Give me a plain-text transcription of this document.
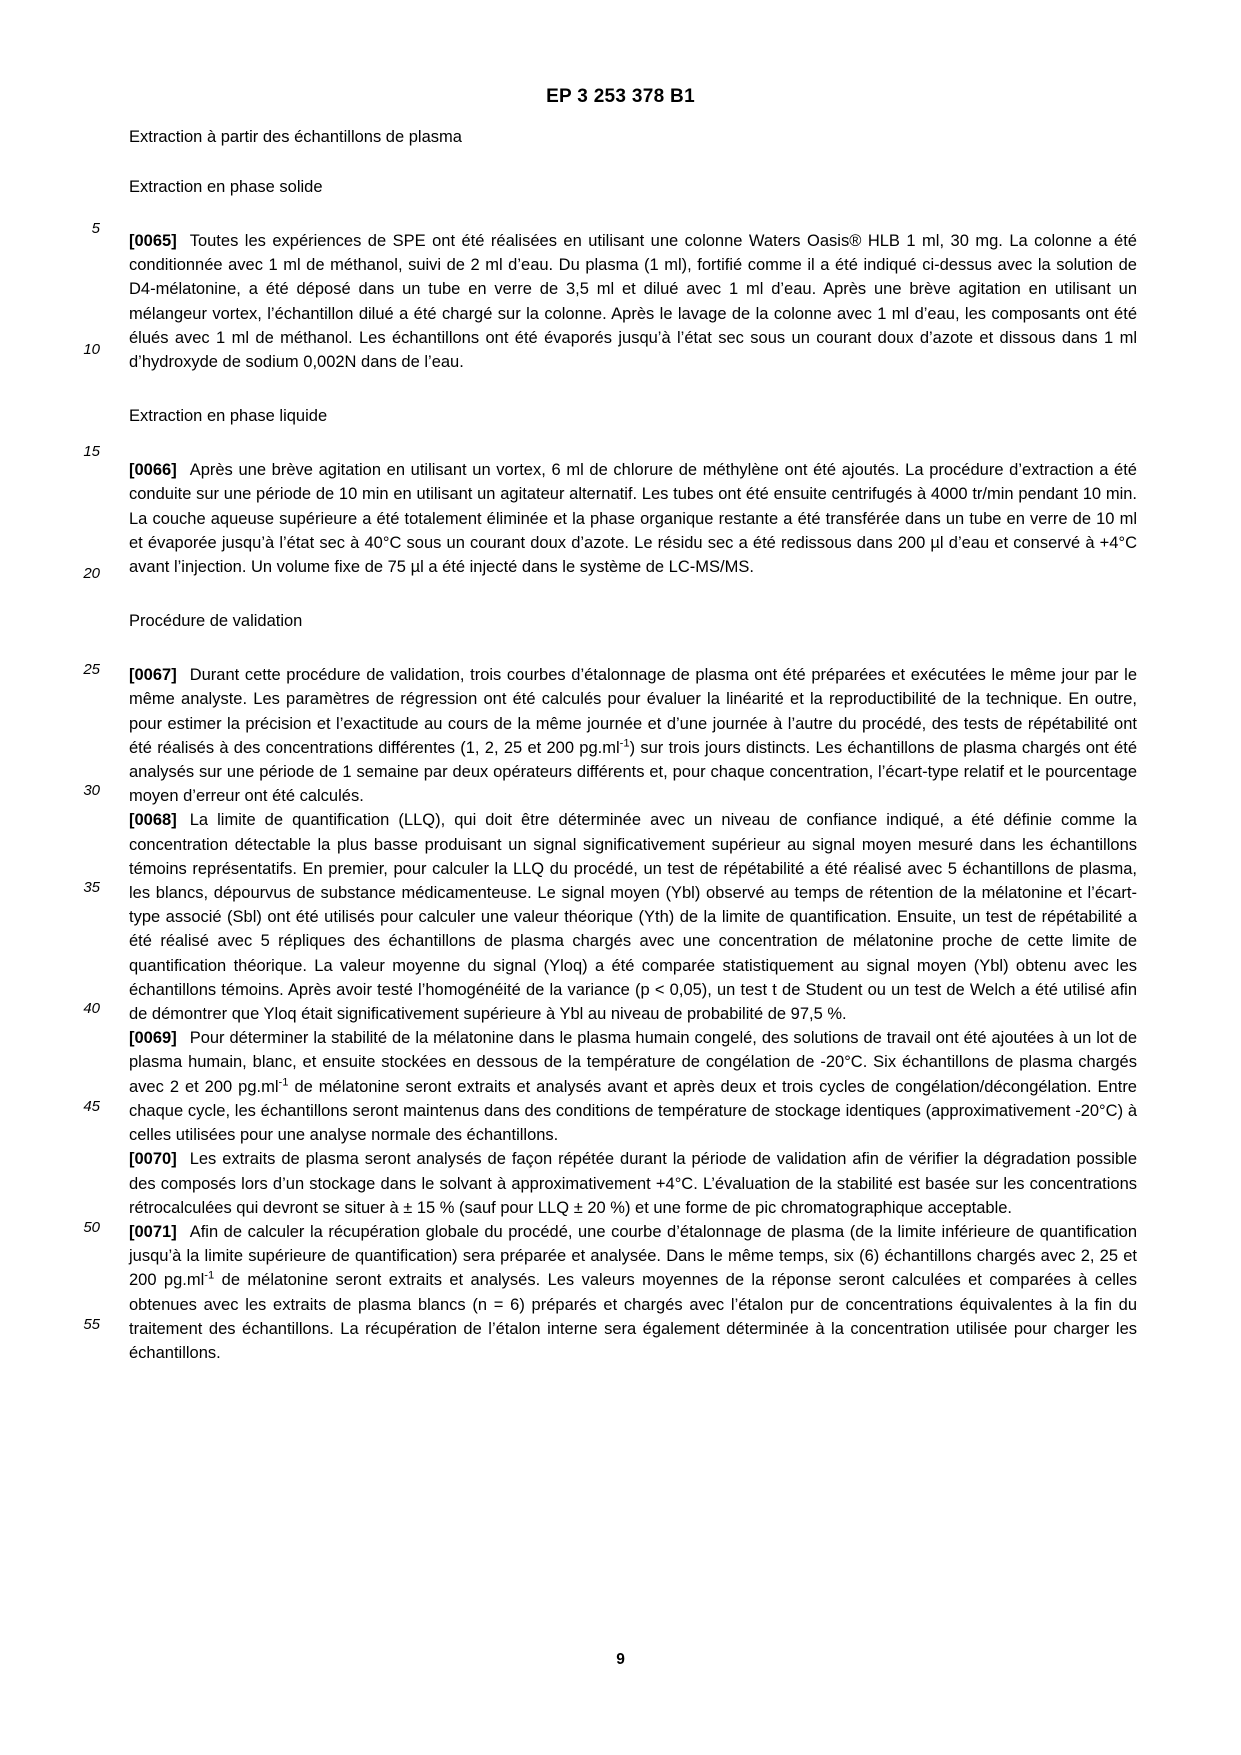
EP 3 253 378 B1
5
10
15
20
25
30
35
40
45
50
55
Extraction à partir des échantillons de plasma
Extraction en phase solide

[0065] Toutes les expériences de SPE ont été réalisées en utilisant une colonne Waters Oasis® HLB 1 ml, 30 mg. La colonne a été conditionnée avec 1 ml de méthanol, suivi de 2 ml d’eau. Du plasma (1 ml), fortifié comme il a été indiqué ci-dessus avec la solution de D4-mélatonine, a été déposé dans un tube en verre de 3,5 ml et dilué avec 1 ml d’eau. Après une brève agitation en utilisant un mélangeur vortex, l’échantillon dilué a été chargé sur la colonne. Après le lavage de la colonne avec 1 ml d’eau, les composants ont été élués avec 1 ml de méthanol. Les échantillons ont été évaporés jusqu’à l’état sec sous un courant doux d’azote et dissous dans 1 ml d’hydroxyde de sodium 0,002N dans de l’eau.

Extraction en phase liquide

[0066] Après une brève agitation en utilisant un vortex, 6 ml de chlorure de méthylène ont été ajoutés. La procédure d’extraction a été conduite sur une période de 10 min en utilisant un agitateur alternatif. Les tubes ont été ensuite centrifugés à 4000 tr/min pendant 10 min. La couche aqueuse supérieure a été totalement éliminée et la phase organique restante a été transférée dans un tube en verre de 10 ml et évaporée jusqu’à l’état sec à 40°C sous un courant doux d’azote. Le résidu sec a été redissous dans 200 µl d’eau et conservé à +4°C avant l’injection. Un volume fixe de 75 µl a été injecté dans le système de LC-MS/MS.

Procédure de validation

[0067] Durant cette procédure de validation, trois courbes d’étalonnage de plasma ont été préparées et exécutées le même jour par le même analyste. Les paramètres de régression ont été calculés pour évaluer la linéarité et la reproductibilité de la technique. En outre, pour estimer la précision et l’exactitude au cours de la même journée et d’une journée à l’autre du procédé, des tests de répétabilité ont été réalisés à des concentrations différentes (1, 2, 25 et 200 $pg.ml^{-1}$) sur trois jours distincts. Les échantillons de plasma chargés ont été analysés sur une période de 1 semaine par deux opérateurs différents et, pour chaque concentration, l’écart-type relatif et le pourcentage moyen d’erreur ont été calculés.

[0068] La limite de quantification (LLQ), qui doit être déterminée avec un niveau de confiance indiqué, a été définie comme la concentration détectable la plus basse produisant un signal significativement supérieur au signal moyen mesuré dans les échantillons témoins représentatifs. En premier, pour calculer la LLQ du procédé, un test de répétabilité a été réalisé avec 5 échantillons de plasma, les blancs, dépourvus de substance médicamenteuse. Le signal moyen (Ybl) observé au temps de rétention de la mélatonine et l’écart-type associé (Sbl) ont été utilisés pour calculer une valeur théorique (Yth) de la limite de quantification. Ensuite, un test de répétabilité a été réalisé avec 5 répliques des échantillons de plasma chargés avec une concentration de mélatonine proche de cette limite de quantification théorique. La valeur moyenne du signal (Yloq) a été comparée statistiquement au signal moyen (Ybl) obtenu avec les échantillons témoins. Après avoir testé l’homogénéité de la variance (p < 0,05), un test t de Student ou un test de Welch a été utilisé afin de démontrer que Yloq était significativement supérieure à Ybl au niveau de probabilité de 97,5 %.

[0069] Pour déterminer la stabilité de la mélatonine dans le plasma humain congelé, des solutions de travail ont été ajoutées à un lot de plasma humain, blanc, et ensuite stockées en dessous de la température de congélation de -20°C. Six échantillons de plasma chargés avec 2 et 200 $pg.ml^{-1}$ de mélatonine seront extraits et analysés avant et après deux et trois cycles de congélation/décongélation. Entre chaque cycle, les échantillons seront maintenus dans des conditions de température de stockage identiques (approximativement -20°C) à celles utilisées pour une analyse normale des échantillons.

[0070] Les extraits de plasma seront analysés de façon répétée durant la période de validation afin de vérifier la dégradation possible des composés lors d’un stockage dans le solvant à approximativement +4°C. L’évaluation de la stabilité est basée sur les concentrations rétrocalculées qui devront se situer à ± 15 % (sauf pour LLQ ± 20 %) et une forme de pic chromatographique acceptable.

[0071] Afin de calculer la récupération globale du procédé, une courbe d’étalonnage de plasma (de la limite inférieure de quantification jusqu’à la limite supérieure de quantification) sera préparée et analysée. Dans le même temps, six (6) échantillons chargés avec 2, 25 et 200 $pg.ml^{-1}$ de mélatonine seront extraits et analysés. Les valeurs moyennes de la réponse seront calculées et comparées à celles obtenues avec les extraits de plasma blancs (n = 6) préparés et chargés avec l’étalon pur de concentrations équivalentes à la fin du traitement des échantillons. La récupération de l’étalon interne sera également déterminée à la concentration utilisée pour charger les échantillons.

9
